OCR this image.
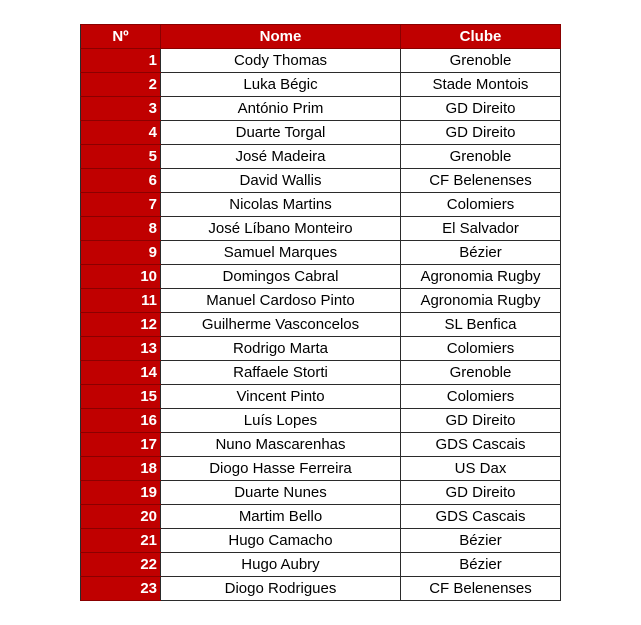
Nº	Nome	Clube
1	Cody Thomas	Grenoble
2	Luka Bégic	Stade Montois
3	António Prim	GD Direito
4	Duarte Torgal	GD Direito
5	José Madeira	Grenoble
6	David Wallis	CF Belenenses
7	Nicolas Martins	Colomiers
8	José Líbano Monteiro	El Salvador
9	Samuel Marques	Bézier
10	Domingos Cabral	Agronomia Rugby
11	Manuel Cardoso Pinto	Agronomia Rugby
12	Guilherme Vasconcelos	SL Benfica
13	Rodrigo Marta	Colomiers
14	Raffaele Storti	Grenoble
15	Vincent Pinto	Colomiers
16	Luís Lopes	GD Direito
17	Nuno Mascarenhas	GDS Cascais
18	Diogo Hasse Ferreira	US Dax
19	Duarte Nunes	GD Direito
20	Martim Bello	GDS Cascais
21	Hugo Camacho	Bézier
22	Hugo Aubry	Bézier
23	Diogo Rodrigues	CF Belenenses
